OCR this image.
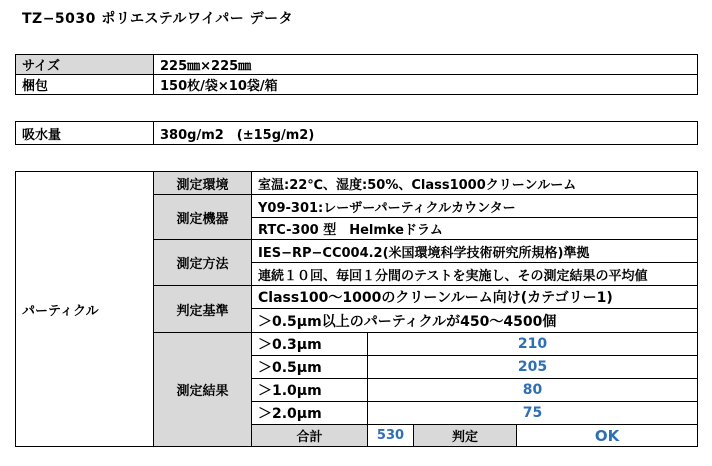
TZ−5030 ポリエステルワイパー データ
サイズ	225㎜×225㎜
梱包	150枚/袋×10袋/箱
吸水量	380g/m2　(±15g/m2)
パーティクル	測定環境	室温:22℃、湿度:50%、Class1000クリーンルーム			
	測定機器	Y09-301:レーザーパーティクルカウンター			
		RTC-300 型　Helmkeドラム			
	測定方法	IES−RP−CC004.2(米国環境科学技術研究所規格)準拠			
		連続１０回、毎回１分間のテストを実施し、その測定結果の平均値			
	判定基準	Class100〜1000のクリーンルーム向け(カテゴリー1)			
		＞0.5μm以上のパーティクルが450〜4500個			
	測定結果	＞0.3μm	210		
		＞0.5μm	205		
		＞1.0μm	80		
		＞2.0μm	75		
		合計	530	判定	OK
